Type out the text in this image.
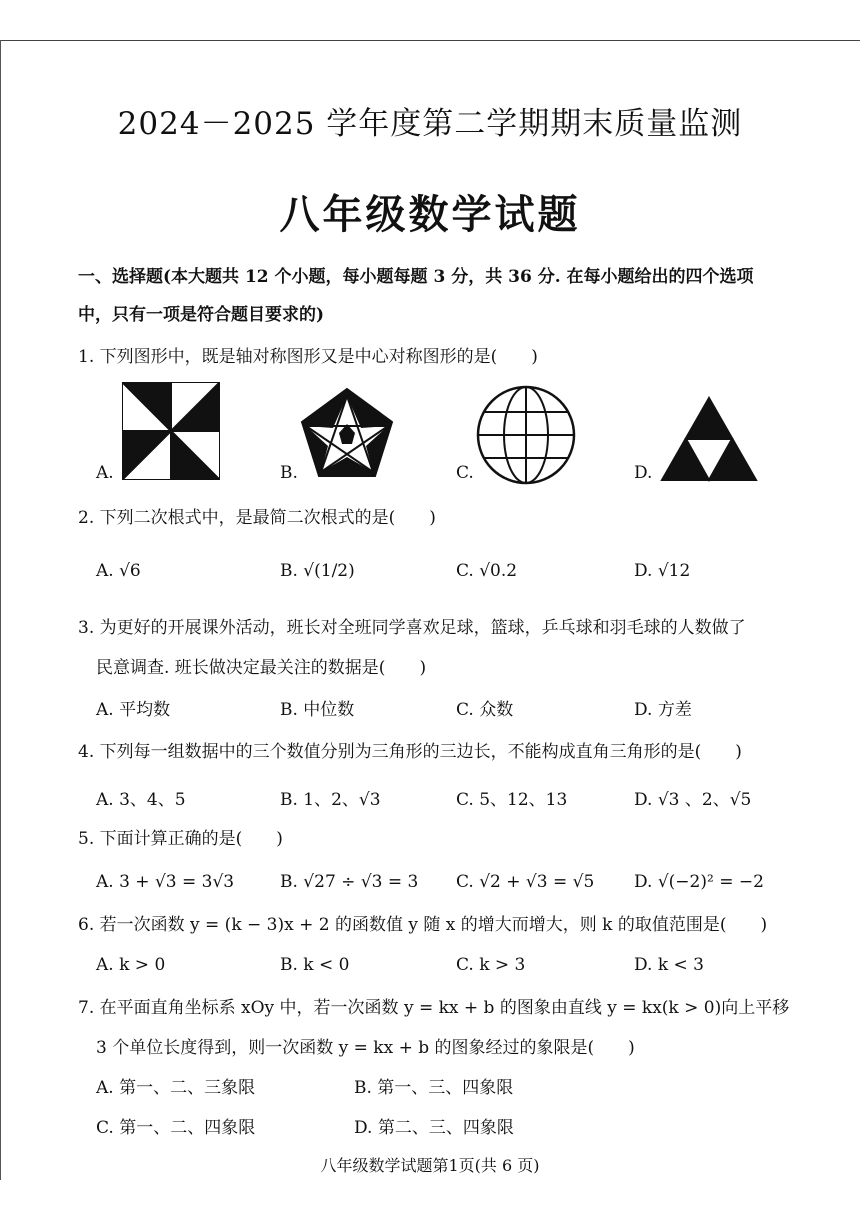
2024－2025 学年度第二学期期末质量监测
八年级数学试题
一、选择题(本大题共 12 个小题，每小题每题 3 分，共 36 分. 在每小题给出的四个选项
中，只有一项是符合题目要求的)
1. 下列图形中，既是轴对称图形又是中心对称图形的是(　　)
A.	B.	C.	D.
2. 下列二次根式中，是最简二次根式的是(　　)
A. √6	B. √(1/2)	C. √0.2	D. √12
3. 为更好的开展课外活动，班长对全班同学喜欢足球，篮球，乒乓球和羽毛球的人数做了
民意调查. 班长做决定最关注的数据是(　　)
A. 平均数	B. 中位数	C. 众数	D. 方差
4. 下列每一组数据中的三个数值分别为三角形的三边长，不能构成直角三角形的是(　　)
A. 3、4、5	B. 1、2、√3	C. 5、12、13	D. √3 、2、√5
5. 下面计算正确的是(　　)
A. 3 + √3 = 3√3	B. √27 ÷ √3 = 3 C. √2 + √3 = √5 D. √(−2)² = −2
6. 若一次函数 y = (k − 3)x + 2 的函数值 y 随 x 的增大而增大，则 k 的取值范围是(　　)
A. k > 0	B. k < 0	C. k > 3	D. k < 3
7. 在平面直角坐标系 xOy 中，若一次函数 y = kx + b 的图象由直线 y = kx(k > 0)向上平移
3 个单位长度得到，则一次函数 y = kx + b 的图象经过的象限是(　　)
A. 第一、二、三象限	B. 第一、三、四象限
C. 第一、二、四象限	D. 第二、三、四象限
八年级数学试题第1页(共 6 页)
